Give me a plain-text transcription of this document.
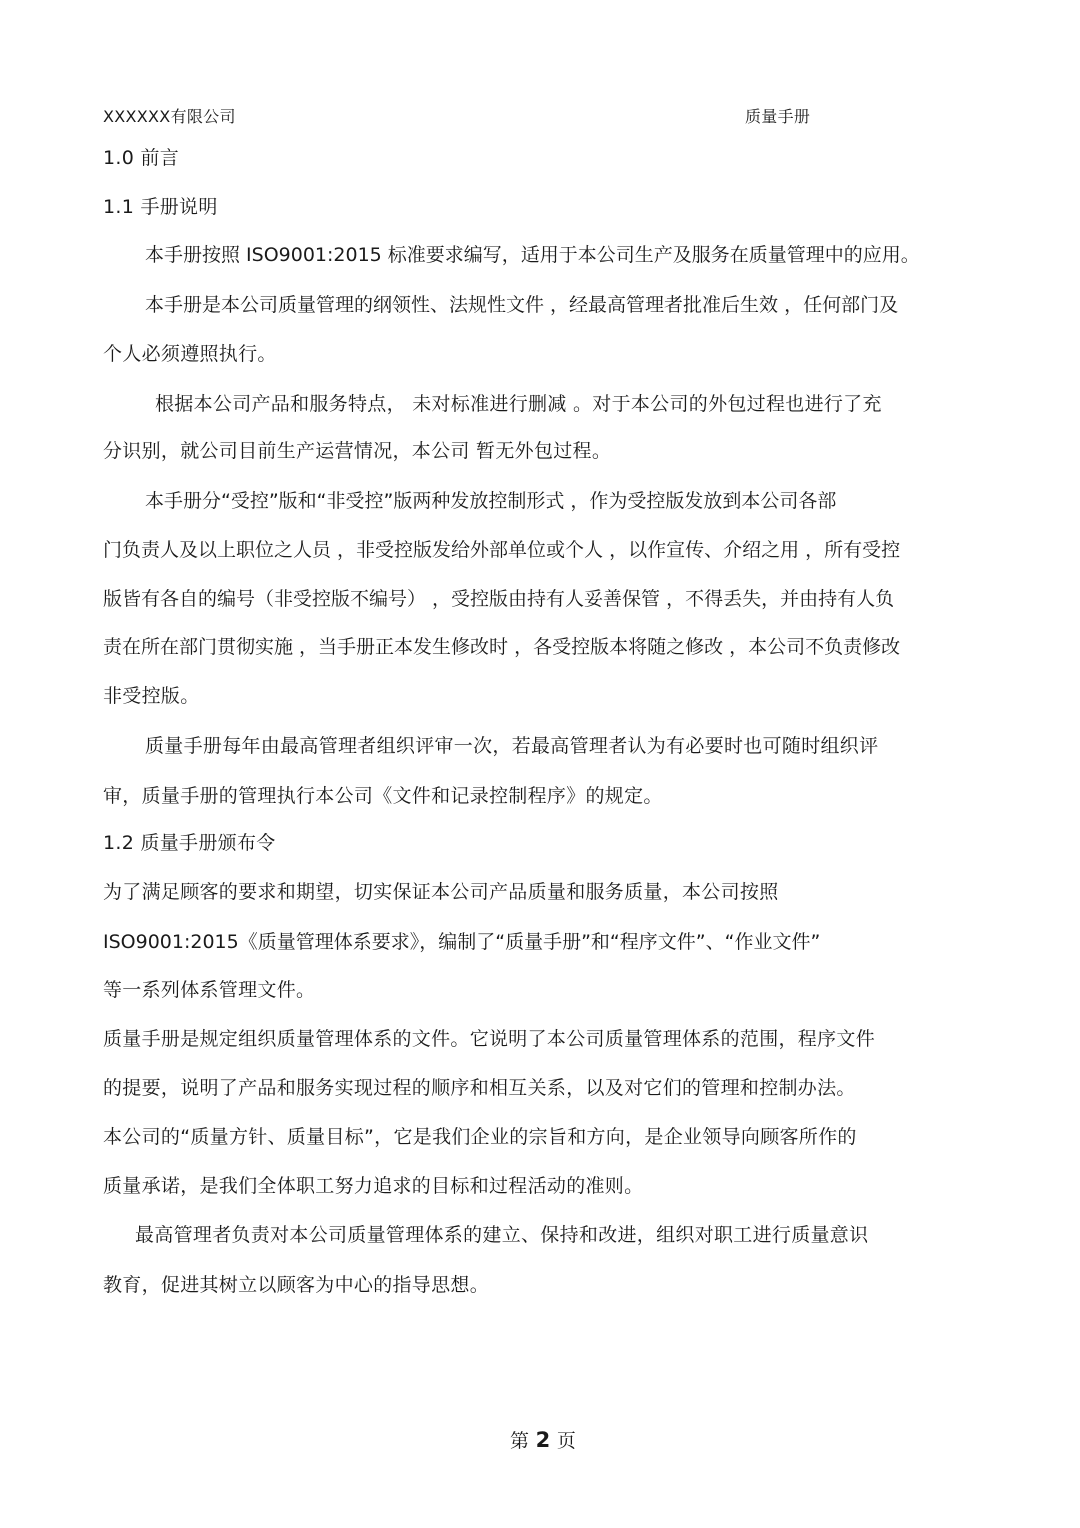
XXXXXX有限公司	质量手册
1.0 前言
1.1 手册说明
本手册按照 ISO9001:2015 标准要求编写，适用于本公司生产及服务在质量管理中的应用。
本手册是本公司质量管理的纲领性、法规性文件 ，经最高管理者批准后生效 ，任何部门及
个人必须遵照执行。
根据本公司产品和服务特点， 未对标准进行删减 。对于本公司的外包过程也进行了充
分识别，就公司目前生产运营情况，本公司 暂无外包过程。
本手册分“受控”版和“非受控”版两种发放控制形式 ，作为受控版发放到本公司各部
门负责人及以上职位之人员 ，非受控版发给外部单位或个人 ，以作宣传、介绍之用 ，所有受控
版皆有各自的编号（非受控版不编号） ，受控版由持有人妥善保管 ，不得丢失，并由持有人负
责在所在部门贯彻实施 ，当手册正本发生修改时 ，各受控版本将随之修改 ，本公司不负责修改
非受控版。
质量手册每年由最高管理者组织评审一次，若最高管理者认为有必要时也可随时组织评
审，质量手册的管理执行本公司《文件和记录控制程序》的规定。
1.2 质量手册颁布令
为了满足顾客的要求和期望，切实保证本公司产品质量和服务质量，本公司按照
ISO9001:2015《质量管理体系要求》，编制了“质量手册”和“程序文件”、“作业文件”
等一系列体系管理文件。
质量手册是规定组织质量管理体系的文件。它说明了本公司质量管理体系的范围，程序文件
的提要，说明了产品和服务实现过程的顺序和相互关系，以及对它们的管理和控制办法。
本公司的“质量方针、质量目标”，它是我们企业的宗旨和方向，是企业领导向顾客所作的
质量承诺，是我们全体职工努力追求的目标和过程活动的准则。
最高管理者负责对本公司质量管理体系的建立、保持和改进，组织对职工进行质量意识
教育，促进其树立以顾客为中心的指导思想。
第 2 页
